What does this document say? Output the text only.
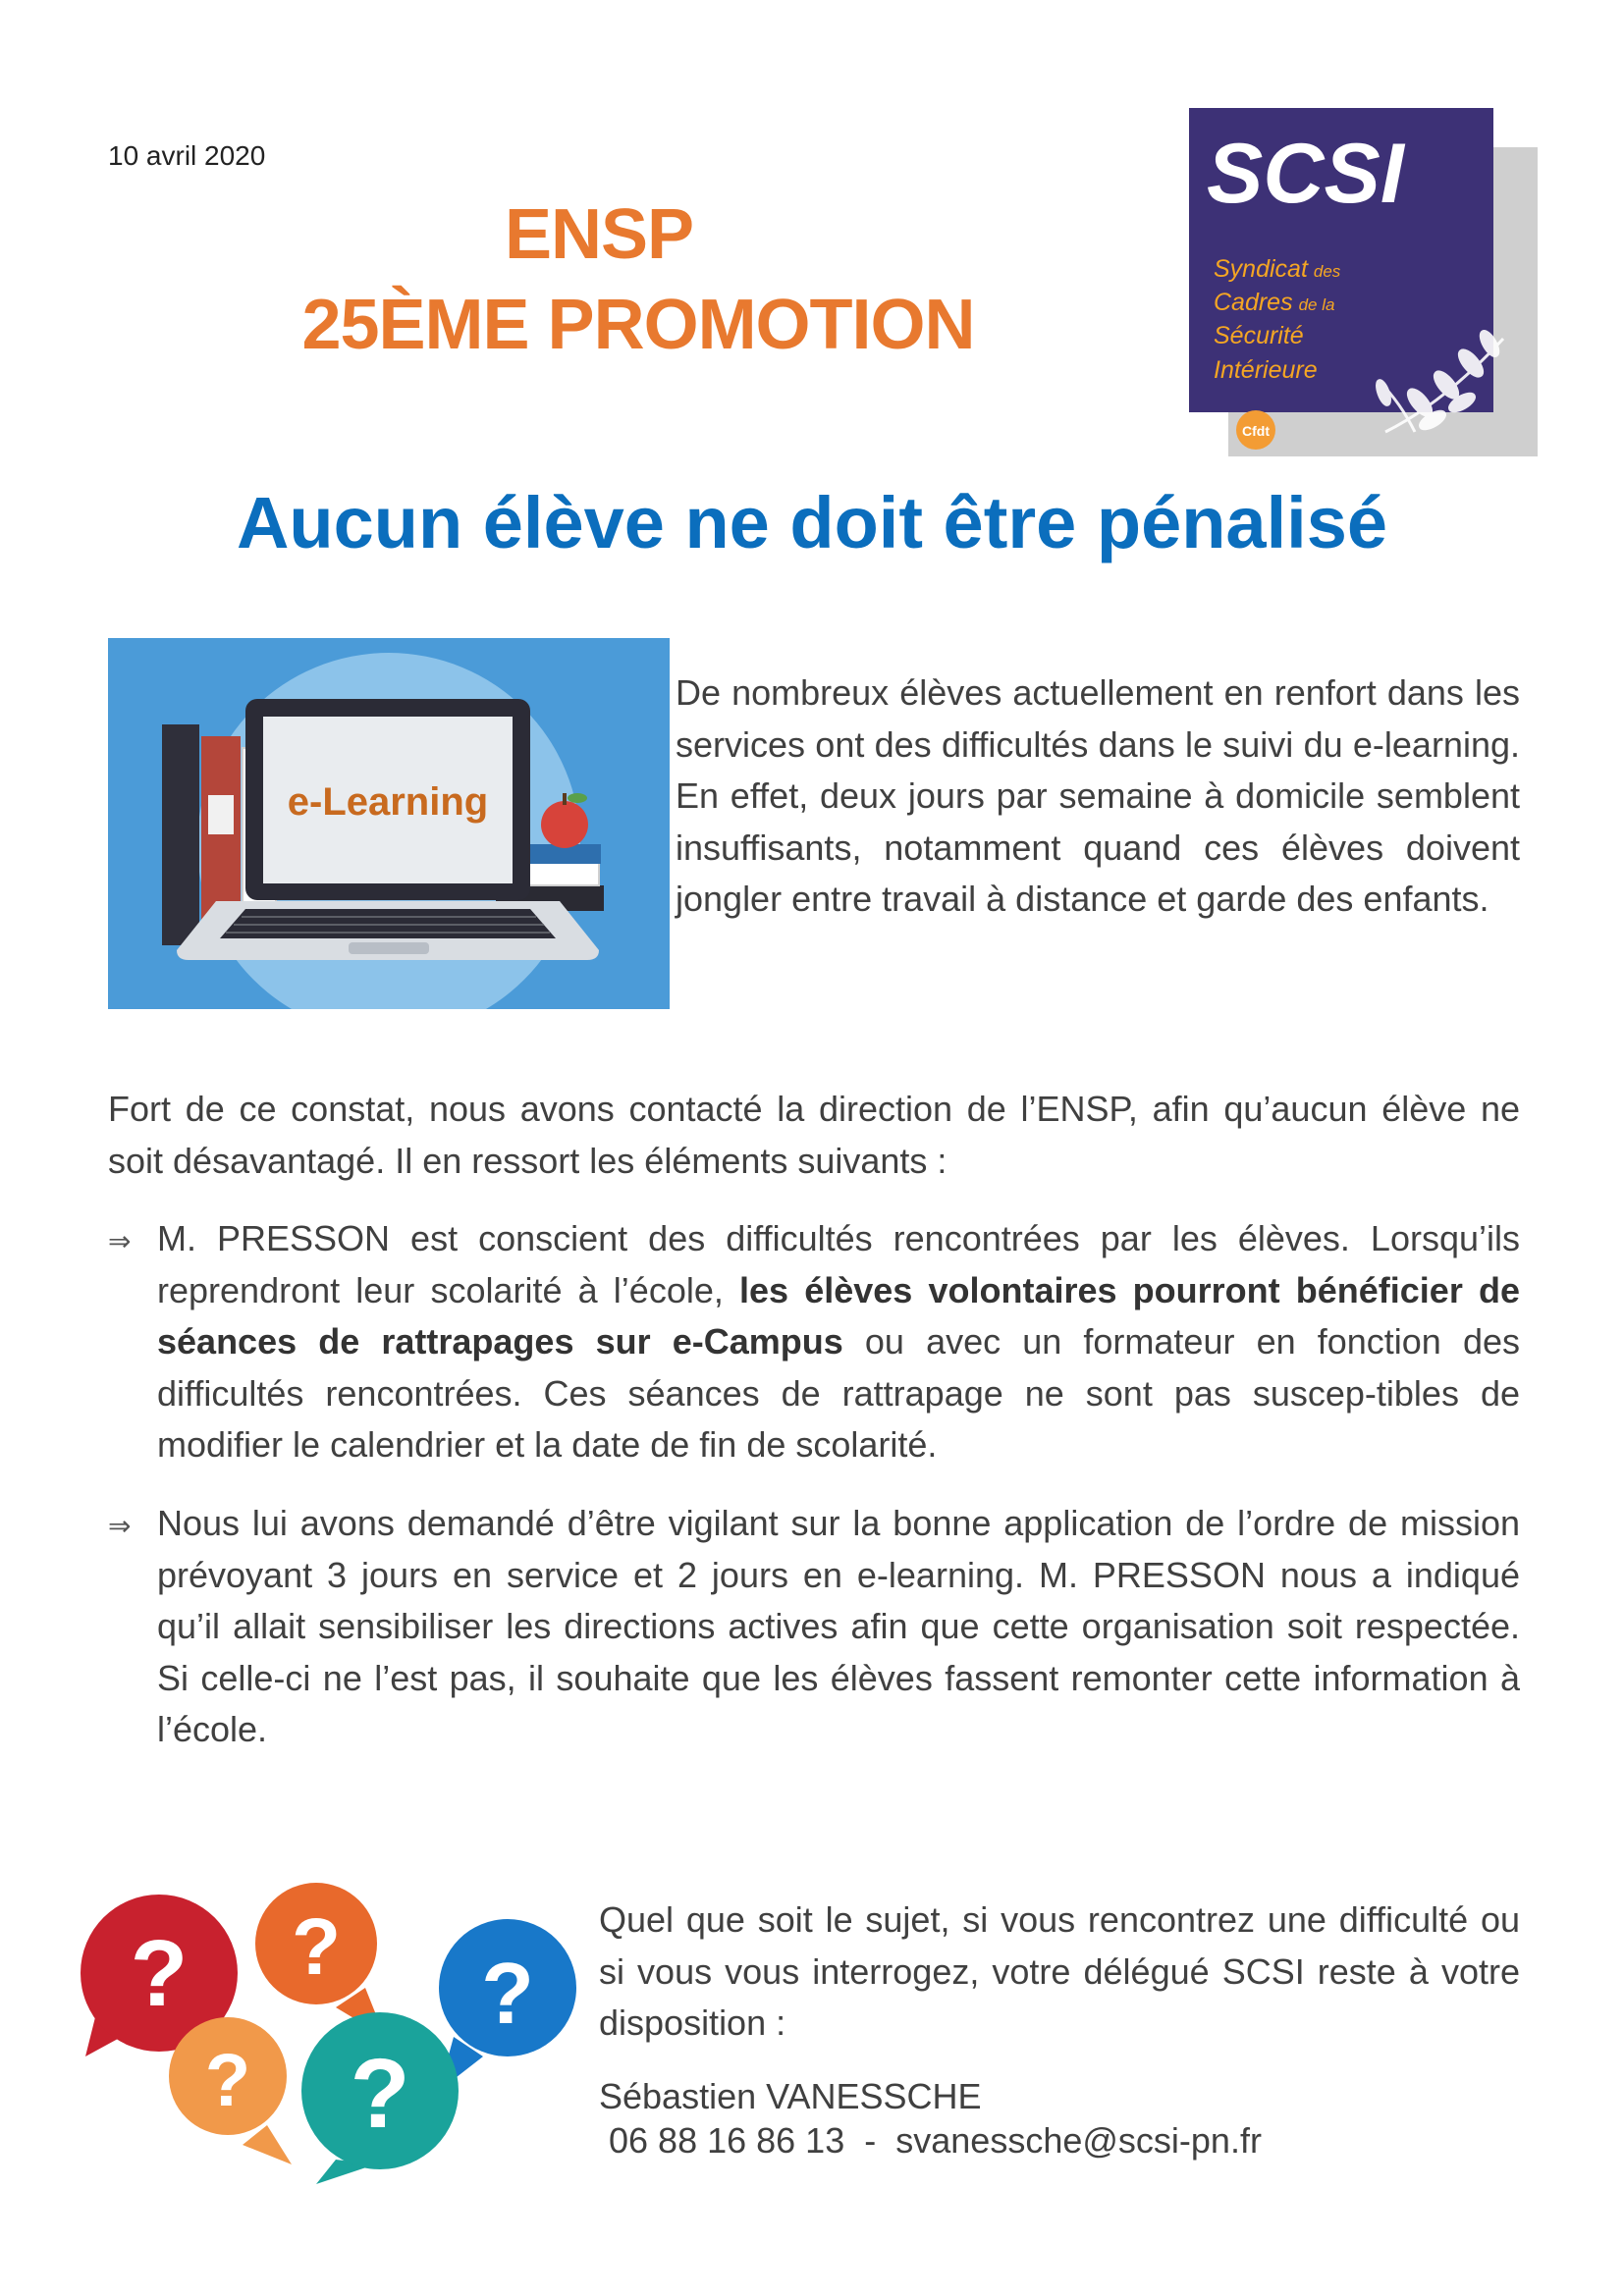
10 avril 2020
ENSP
25ÈME PROMOTION
SCSI
Syndicat des
Cadres de la
Sécurité
Intérieure
Cfdt
Aucun élève ne doit être pénalisé
e-Learning
De nombreux élèves actuellement en renfort dans les services ont des difficultés dans le suivi du e-learning. En effet, deux jours par semaine à domicile semblent insuffisants, notamment quand ces élèves doivent jongler entre travail à distance et garde des enfants.
Fort de ce constat, nous avons contacté la direction de l’ENSP, afin qu’aucun élève ne soit désavantagé. Il en ressort les éléments suivants :
⇒ M. PRESSON est conscient des difficultés rencontrées par les élèves. Lorsqu’ils reprendront leur scolarité à l’école, les élèves volontaires pourront bénéficier de séances de rattrapages sur e-Campus ou avec un formateur en fonction des difficultés rencontrées. Ces séances de rattrapage ne sont pas suscep-tibles de modifier le calendrier et la date de fin de scolarité.
⇒ Nous lui avons demandé d’être vigilant sur la bonne application de l’ordre de mission prévoyant 3 jours en service et 2 jours en e-learning. M. PRESSON nous a indiqué qu’il allait sensibiliser les directions actives afin que cette organisation soit respectée. Si celle-ci ne l’est pas, il souhaite que les élèves fassent remonter cette information à l’école.
? ?
?
?
?
Quel que soit le sujet, si vous rencontrez une difficulté ou si vous vous interrogez, votre délégué SCSI reste à votre disposition :
Sébastien VANESSCHE
06 88 16 86 13 - svanessche@scsi-pn.fr
